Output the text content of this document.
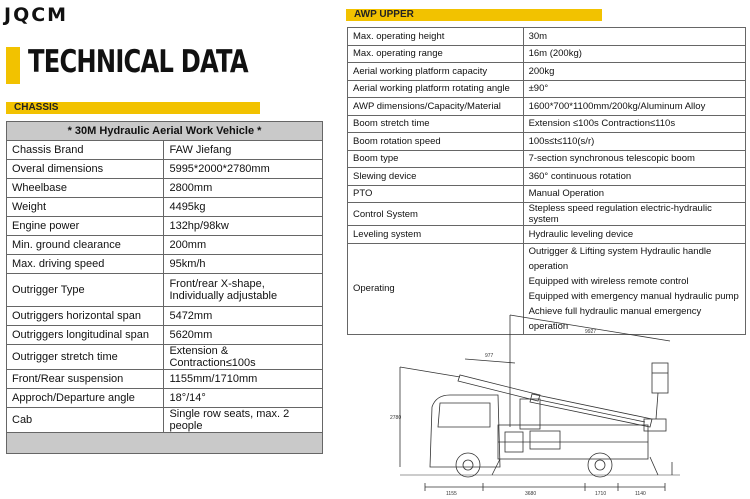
JQCM
TECHNICAL DATA
CHASSIS
* 30M Hydraulic Aerial Work Vehicle *	
Chassis Brand	FAW Jiefang
Overal dimensions	5995*2000*2780mm
Wheelbase	2800mm
Weight	4495kg
Engine power	132hp/98kw
Min. ground clearance	200mm
Max. driving speed	95km/h
Outrigger Type	Front/rear X-shape, Individually adjustable
Outriggers horizontal span	5472mm
Outriggers longitudinal span	5620mm
Outrigger stretch time	Extension & Contraction≤100s
Front/Rear suspension	1155mm/1710mm
Approch/Departure angle	18°/14°
Cab	Single row seats, max. 2 people

AWP UPPER
Max. operating height	30m
Max. operating range	16m (200kg)
Aerial working platform capacity	200kg
Aerial working platform rotating angle	±90°
AWP dimensions/Capacity/Material	1600*700*1100mm/200kg/Aluminum Alloy
Boom stretch time	Extension ≤100s Contraction≤110s
Boom rotation speed	100s≤t≤110(s/r)
Boom type	7-section synchronous telescopic boom
Slewing device	360° continuous rotation
PTO	Manual Operation
Control System	Stepless speed regulation electric-hydraulic system
Leveling system	Hydraulic leveling device
Operating	Outrigger & Lifting system Hydraulic handle operation
Equipped with wireless remote control
Equipped with emergency manual hydraulic pump
Achieve full hydraulic manual emergency operation
9927
977
2780
1155	3680	1710	1140
